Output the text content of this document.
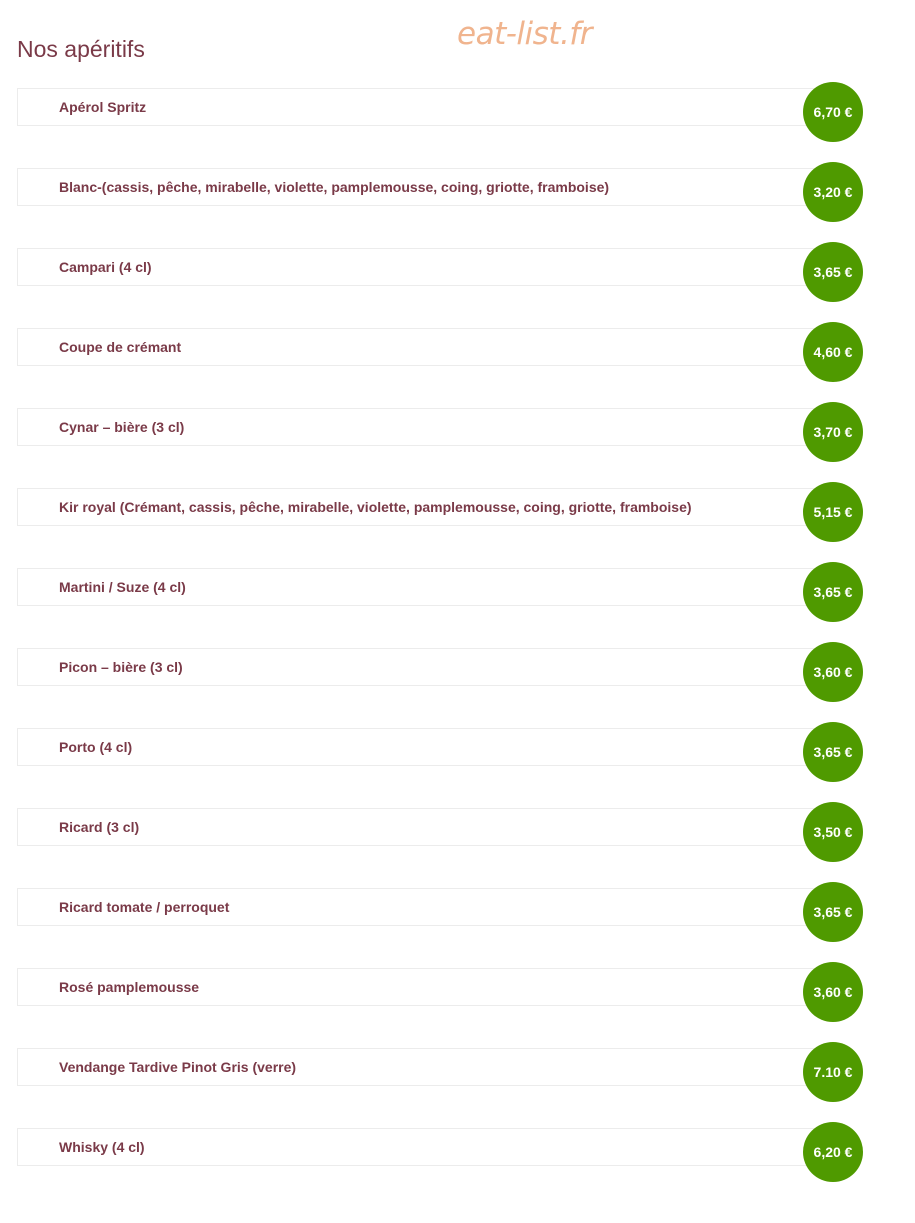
Nos apéritifs	eat-list.fr
Apérol Spritz	6,70 €
Blanc-(cassis, pêche, mirabelle, violette, pamplemousse, coing, griotte, framboise)	3,20 €
Campari (4 cl)	3,65 €
Coupe de crémant	4,60 €
Cynar – bière (3 cl)	3,70 €
Kir royal (Crémant, cassis, pêche, mirabelle, violette, pamplemousse, coing, griotte, framboise)	5,15 €
Martini / Suze (4 cl)	3,65 €
Picon – bière (3 cl)	3,60 €
Porto (4 cl)	3,65 €
Ricard (3 cl)	3,50 €
Ricard tomate / perroquet	3,65 €
Rosé pamplemousse	3,60 €
Vendange Tardive Pinot Gris (verre)	7.10 €
Whisky (4 cl)	6,20 €
